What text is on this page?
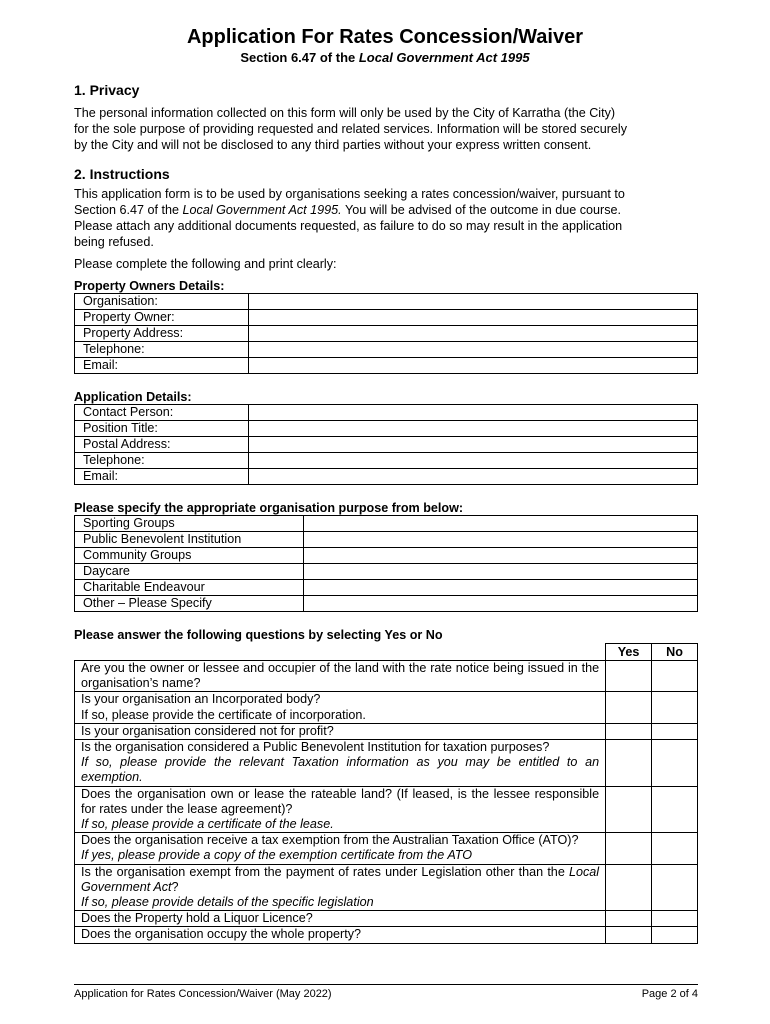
Application For Rates Concession/Waiver
Section 6.47 of the Local Government Act 1995
1. Privacy
The personal information collected on this form will only be used by the City of Karratha (the City)
for the sole purpose of providing requested and related services. Information will be stored securely
by the City and will not be disclosed to any third parties without your express written consent.
2. Instructions
This application form is to be used by organisations seeking a rates concession/waiver, pursuant to
Section 6.47 of the Local Government Act 1995. You will be advised of the outcome in due course.
Please attach any additional documents requested, as failure to do so may result in the application
being refused.
Please complete the following and print clearly:
Property Owners Details:
Organisation:	
Property Owner:	
Property Address:	
Telephone:	
Email:	
Application Details:
Contact Person:	
Position Title:	
Postal Address:	
Telephone:	
Email:	
Please specify the appropriate organisation purpose from below:
Sporting Groups	
Public Benevolent Institution	
Community Groups	
Daycare	
Charitable Endeavour	
Other – Please Specify	
Please answer the following questions by selecting Yes or No
	Yes	No
Are you the owner or lessee and occupier of the land with the rate notice being issued in the organisation’s name?		

Is your organisation an Incorporated body?
If so, please provide the certificate of incorporation.		

Is your organisation considered not for profit?		

Is the organisation considered a Public Benevolent Institution for taxation purposes?
If so, please provide the relevant Taxation information as you may be entitled to an exemption.		

Does the organisation own or lease the rateable land? (If leased, is the lessee responsible for rates under the lease agreement)?
If so, please provide a certificate of the lease.		

Does the organisation receive a tax exemption from the Australian Taxation Office (ATO)?
If yes, please provide a copy of the exemption certificate from the ATO		

Is the organisation exempt from the payment of rates under Legislation other than the Local Government Act?
If so, please provide details of the specific legislation		

Does the Property hold a Liquor Licence?		
Does the organisation occupy the whole property?		
Application for Rates Concession/Waiver (May 2022)	Page 2 of 4
